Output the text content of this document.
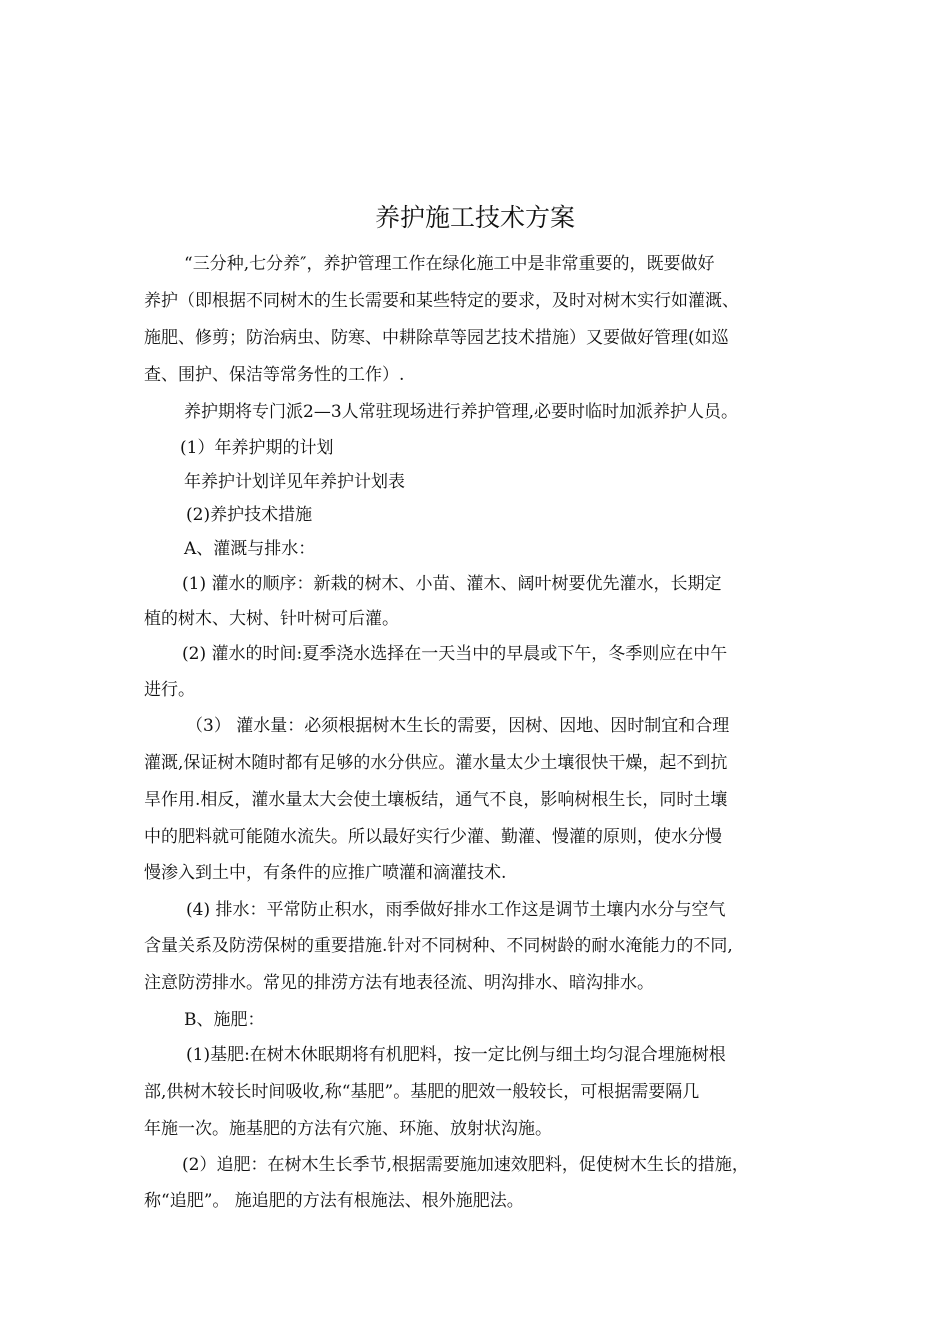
养护施工技术方案
“三分种,七分养″，养护管理工作在绿化施工中是非常重要的，既要做好
养护（即根据不同树木的生长需要和某些特定的要求，及时对树木实行如灌溉、
施肥、修剪；防治病虫、防寒、中耕除草等园艺技术措施）又要做好管理(如巡
查、围护、保洁等常务性的工作）.
养护期将专门派2—3人常驻现场进行养护管理,必要时临时加派养护人员。
(1）年养护期的计划
年养护计划详见年养护计划表
(2)养护技术措施
A、灌溉与排水：
(1) 灌水的顺序：新栽的树木、小苗、灌木、阔叶树要优先灌水，长期定
植的树木、大树、针叶树可后灌。
(2) 灌水的时间:夏季浇水选择在一天当中的早晨或下午，冬季则应在中午
进行。
（3） 灌水量：必须根据树木生长的需要，因树、因地、因时制宜和合理
灌溉,保证树木随时都有足够的水分供应。灌水量太少土壤很快干燥，起不到抗
旱作用.相反，灌水量太大会使土壤板结，通气不良，影响树根生长，同时土壤
中的肥料就可能随水流失。所以最好实行少灌、勤灌、慢灌的原则，使水分慢
慢渗入到土中，有条件的应推广喷灌和滴灌技术.
(4) 排水：平常防止积水，雨季做好排水工作这是调节土壤内水分与空气
含量关系及防涝保树的重要措施.针对不同树种、不同树龄的耐水淹能力的不同,
注意防涝排水。常见的排涝方法有地表径流、明沟排水、暗沟排水。
B、施肥：
(1)基肥:在树木休眠期将有机肥料，按一定比例与细土均匀混合埋施树根
部,供树木较长时间吸收,称“基肥”。基肥的肥效一般较长，可根据需要隔几
年施一次。施基肥的方法有穴施、环施、放射状沟施。
(2）追肥：在树木生长季节,根据需要施加速效肥料，促使树木生长的措施，
称“追肥”。 施追肥的方法有根施法、根外施肥法。
